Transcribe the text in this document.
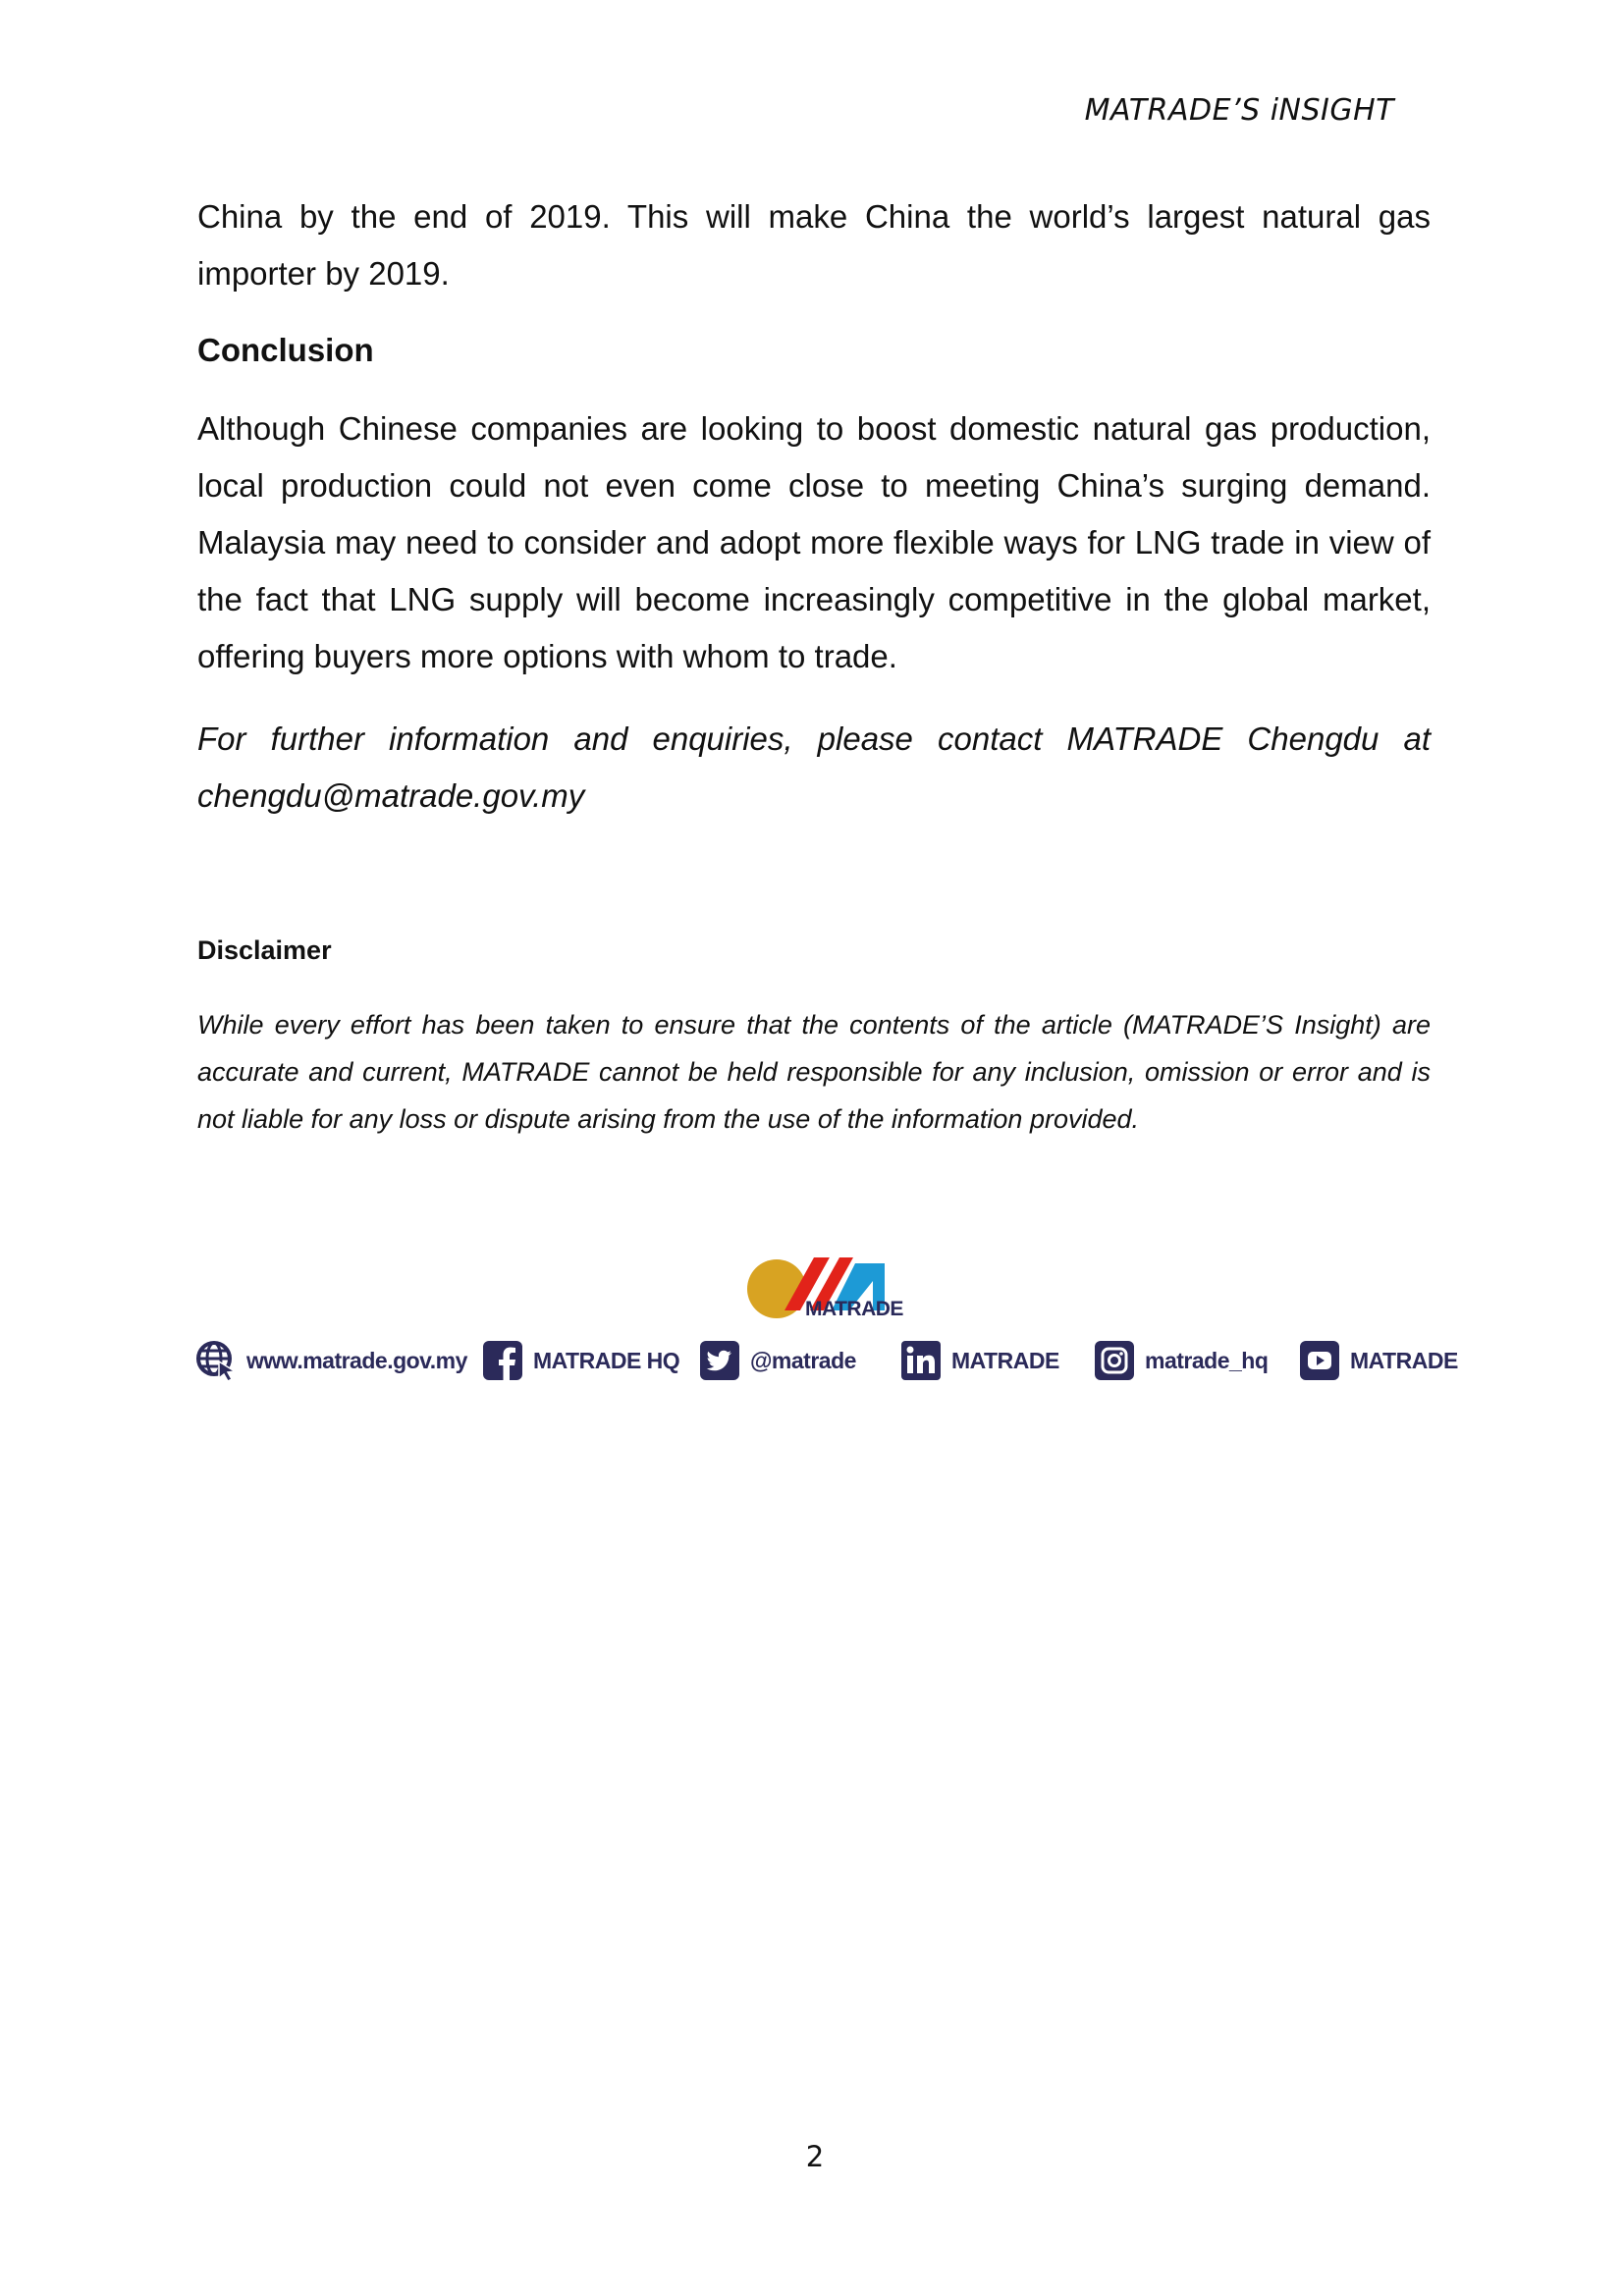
MATRADE’S iNSIGHT

China by the end of 2019. This will make China the world’s largest natural gas importer by 2019.

Conclusion

Although Chinese companies are looking to boost domestic natural gas production, local production could not even come close to meeting China’s surging demand. Malaysia may need to consider and adopt more flexible ways for LNG trade in view of the fact that LNG supply will become increasingly competitive in the global market, offering buyers more options with whom to trade.

For further information and enquiries, please contact MATRADE Chengdu at chengdu@matrade.gov.my

Disclaimer

While every effort has been taken to ensure that the contents of the article (MATRADE’S Insight) are accurate and current, MATRADE cannot be held responsible for any inclusion, omission or error and is not liable for any loss or dispute arising from the use of the information provided.

MATRADE
www.matrade.gov.my	MATRADE HQ	@matrade	MATRADE	matrade_hq	MATRADE
2
